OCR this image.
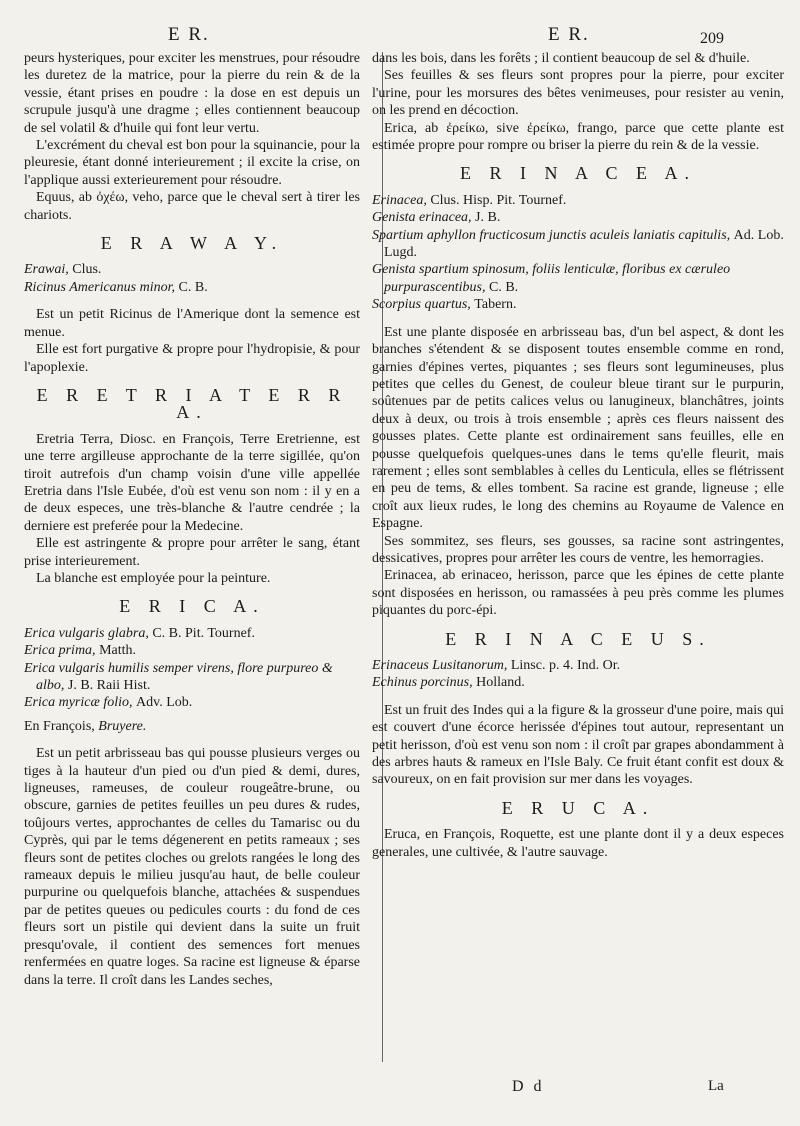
E R.	E R.	209

peurs hysteriques, pour exciter les menstrues, pour résoudre les duretez de la matrice, pour la pierre du rein & de la vessie, étant prises en poudre : la dose en est depuis un scrupule jusqu'à une dragme ; elles contiennent beaucoup de sel volatil & d'huile qui font leur vertu.

L'excrément du cheval est bon pour la squinancie, pour la pleuresie, étant donné interieurement ; il excite la crise, on l'applique aussi exterieurement pour résoudre.

Equus, ab ὀχέω, veho, parce que le cheval sert à tirer les chariots.

E R A W A Y.

Erawai, Clus.

Ricinus Americanus minor, C. B.

Est un petit Ricinus de l'Amerique dont la semence est menue.

Elle est fort purgative & propre pour l'hydropisie, & pour l'apoplexie.

E R E T R I A T E R R A.

Eretria Terra, Diosc. en François, Terre Eretrienne, est une terre argilleuse approchante de la terre sigillée, qu'on tiroit autrefois d'un champ voisin d'une ville appellée Eretria dans l'Isle Eubée, d'où est venu son nom : il y en a de deux especes, une très-blanche & l'autre cendrée ; la derniere est preferée pour la Medecine.

Elle est astringente & propre pour arrêter le sang, étant prise interieurement.

La blanche est employée pour la peinture.

E R I C A.

Erica vulgaris glabra, C. B. Pit. Tournef.

Erica prima, Matth.

Erica vulgaris humilis semper virens, flore purpureo & albo, J. B. Raii Hist.

Erica myricæ folio, Adv. Lob.

En François, Bruyere.

Est un petit arbrisseau bas qui pousse plusieurs verges ou tiges à la hauteur d'un pied ou d'un pied & demi, dures, ligneuses, rameuses, de couleur rougeâtre-brune, ou obscure, garnies de petites feuilles un peu dures & rudes, toûjours vertes, approchantes de celles du Tamarisc ou du Cyprès, qui par le tems dégenerent en petits rameaux ; ses fleurs sont de petites cloches ou grelots rangées le long des rameaux depuis le milieu jusqu'au haut, de belle couleur purpurine ou quelquefois blanche, attachées & suspendues par de petites queues ou pedicules courts : du fond de ces fleurs sort un pistile qui devient dans la suite un fruit presqu'ovale, il contient des semences fort menues renfermées en quatre loges. Sa racine est ligneuse & éparse dans la terre. Il croît dans les Landes seches,

dans les bois, dans les forêts ; il contient beaucoup de sel & d'huile.

Ses feuilles & ses fleurs sont propres pour la pierre, pour exciter l'urine, pour les morsures des bêtes venimeuses, pour resister au venin, on les prend en décoction.

Erica, ab ἐρείκω, sive ἐρείκω, frango, parce que cette plante est estimée propre pour rompre ou briser la pierre du rein & de la vessie.

E R I N A C E A.

Erinacea, Clus. Hisp. Pit. Tournef.

Genista erinacea, J. B.

Spartium aphyllon fructicosum junctis aculeis laniatis capitulis, Ad. Lob. Lugd.

Genista spartium spinosum, foliis lenticulæ, floribus ex cæruleo purpurascentibus, C. B.

Scorpius quartus, Tabern.

Est une plante disposée en arbrisseau bas, d'un bel aspect, & dont les branches s'étendent & se disposent toutes ensemble comme en rond, garnies d'épines vertes, piquantes ; ses fleurs sont legumineuses, plus petites que celles du Genest, de couleur bleue tirant sur le purpurin, soûtenues par de petits calices velus ou lanugineux, blanchâtres, joints deux à deux, ou trois à trois ensemble ; après ces fleurs naissent des gousses plates. Cette plante est ordinairement sans feuilles, elle en pousse quelquefois quelques-unes dans le tems qu'elle fleurit, mais rarement ; elles sont semblables à celles du Lenticula, elles se flétrissent en peu de tems, & elles tombent. Sa racine est grande, ligneuse ; elle croît aux lieux rudes, le long des chemins au Royaume de Valence en Espagne.

Ses sommitez, ses fleurs, ses gousses, sa racine sont astringentes, dessicatives, propres pour arrêter les cours de ventre, les hemorragies.

Erinacea, ab erinaceo, herisson, parce que les épines de cette plante sont disposées en herisson, ou ramassées à peu près comme les plumes piquantes du porc-épi.

E R I N A C E U S.

Erinaceus Lusitanorum, Linsc. p. 4. Ind. Or.

Echinus porcinus, Holland.

Est un fruit des Indes qui a la figure & la grosseur d'une poire, mais qui est couvert d'une écorce herissée d'épines tout autour, representant un petit herisson, d'où est venu son nom : il croît par grapes abondamment à des arbres hauts & rameux en l'Isle Baly. Ce fruit étant confit est doux & savoureux, on en fait provision sur mer dans les voyages.

E R U C A.

Eruca, en François, Roquette, est une plante dont il y a deux especes generales, une cultivée, & l'autre sauvage.

D d	La
